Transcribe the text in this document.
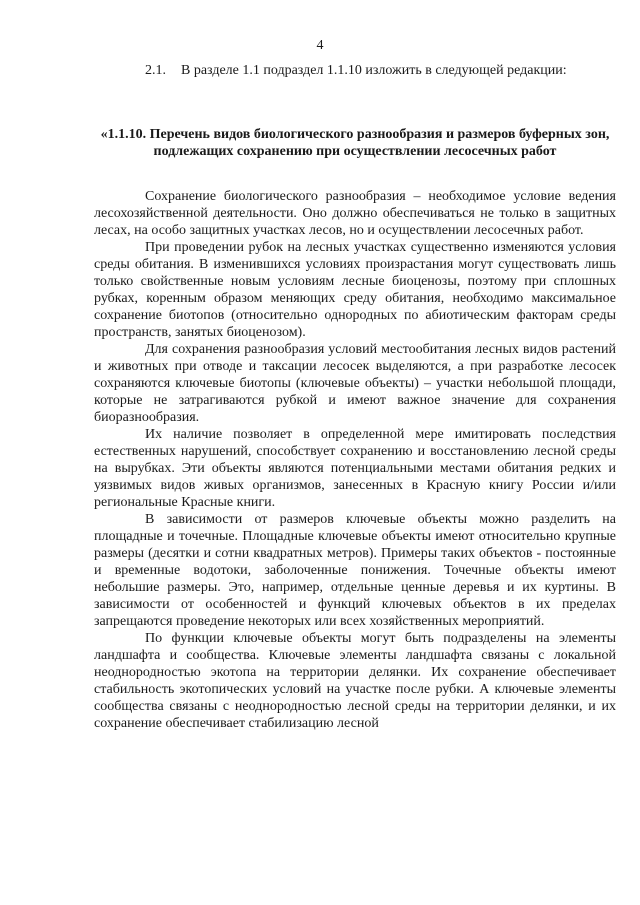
4
2.1. В разделе 1.1 подраздел 1.1.10 изложить в следующей редакции:
«1.1.10. Перечень видов биологического разнообразия и размеров буферных зон, подлежащих сохранению при осуществлении лесосечных работ

Сохранение биологического разнообразия – необходимое условие ведения лесохозяйственной деятельности. Оно должно обеспечиваться не только в защитных лесах, на особо защитных участках лесов, но и осуществлении лесосечных работ.

При проведении рубок на лесных участках существенно изменяются условия среды обитания. В изменившихся условиях произрастания могут существовать лишь только свойственные новым условиям лесные биоценозы, поэтому при сплошных рубках, коренным образом меняющих среду обитания, необходимо максимальное сохранение биотопов (относительно однородных по абиотическим факторам среды пространств, занятых биоценозом).

Для сохранения разнообразия условий местообитания лесных видов растений и животных при отводе и таксации лесосек выделяются, а при разработке лесосек сохраняются ключевые биотопы (ключевые объекты) – участки небольшой площади, которые не затрагиваются рубкой и имеют важное значение для сохранения биоразнообразия.

Их наличие позволяет в определенной мере имитировать последствия естественных нарушений, способствует сохранению и восстановлению лесной среды на вырубках. Эти объекты являются потенциальными местами обитания редких и уязвимых видов живых организмов, занесенных в Красную книгу России и/или региональные Красные книги.

В зависимости от размеров ключевые объекты можно разделить на площадные и точечные. Площадные ключевые объекты имеют относительно крупные размеры (десятки и сотни квадратных метров). Примеры таких объектов - постоянные и временные водотоки, заболоченные понижения. Точечные объекты имеют небольшие размеры. Это, например, отдельные ценные деревья и их куртины. В зависимости от особенностей и функций ключевых объектов в их пределах запрещаются проведение некоторых или всех хозяйственных мероприятий.

По функции ключевые объекты могут быть подразделены на элементы ландшафта и сообщества. Ключевые элементы ландшафта связаны с локальной неоднородностью экотопа на территории делянки. Их сохранение обеспечивает стабильность экотопических условий на участке после рубки. А ключевые элементы сообщества связаны с неоднородностью лесной среды на территории делянки, и их сохранение обеспечивает стабилизацию лесной
